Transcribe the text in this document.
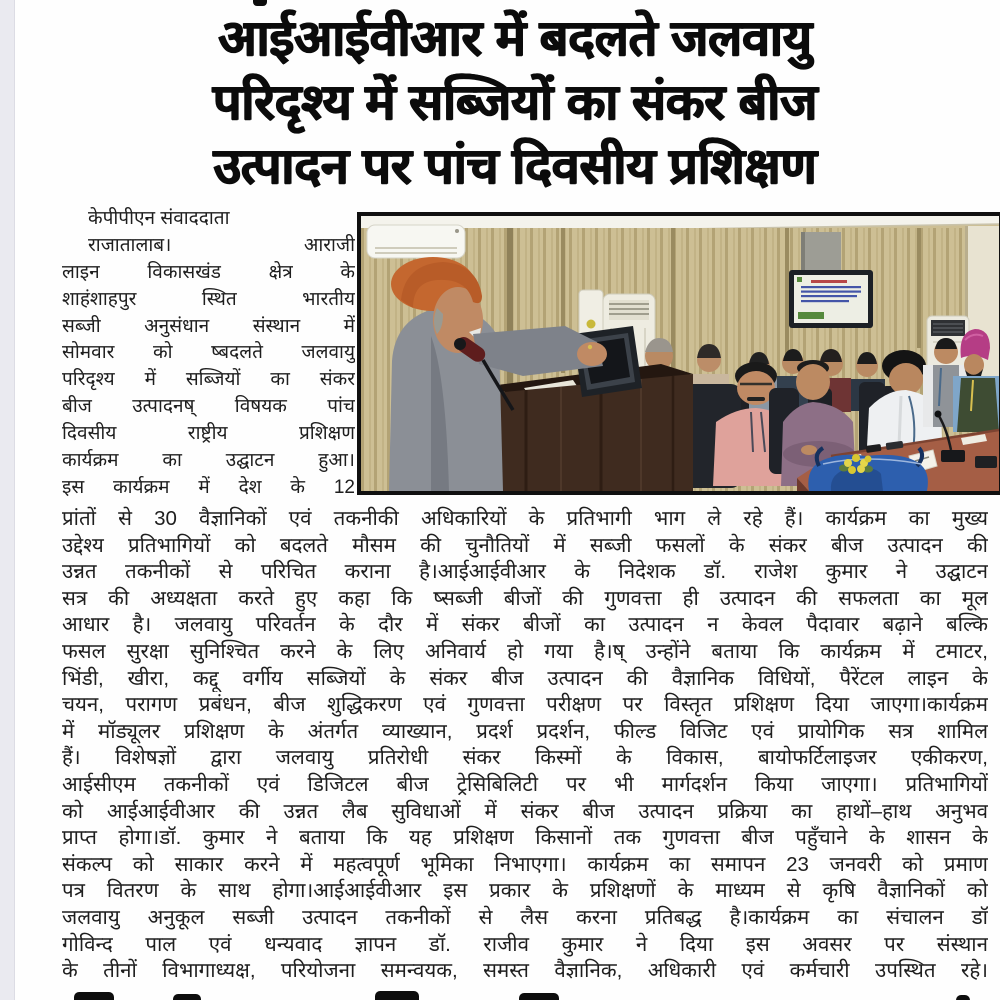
आईआईवीआर में बदलते जलवायु
परिदृश्य में सब्जियों का संकर बीज
उत्पादन पर पांच दिवसीय प्रशिक्षण
केपीपीएन संवाददाता
राजातालाब। आराजी
लाइन विकासखंड क्षेत्र के
शाहंशाहपुर स्थित भारतीय
सब्जी अनुसंधान संस्थान में
सोमवार को ष्बदलते जलवायु
परिदृश्य में सब्जियों का संकर
बीज उत्पादनष् विषयक पांच
दिवसीय राष्ट्रीय प्रशिक्षण
कार्यक्रम का उद्घाटन हुआ।
इस कार्यक्रम में देश के 12
प्रांतों से 30 वैज्ञानिकों एवं तकनीकी अधिकारियों के प्रतिभागी भाग ले रहे हैं। कार्यक्रम का मुख्य
उद्देश्य प्रतिभागियों को बदलते मौसम की चुनौतियों में सब्जी फसलों के संकर बीज उत्पादन की
उन्नत तकनीकों से परिचित कराना है।आईआईवीआर के निदेशक डॉ. राजेश कुमार ने उद्घाटन
सत्र की अध्यक्षता करते हुए कहा कि ष्सब्जी बीजों की गुणवत्ता ही उत्पादन की सफलता का मूल
आधार है। जलवायु परिवर्तन के दौर में संकर बीजों का उत्पादन न केवल पैदावार बढ़ाने बल्कि
फसल सुरक्षा सुनिश्चित करने के लिए अनिवार्य हो गया है।ष् उन्होंने बताया कि कार्यक्रम में टमाटर,
भिंडी, खीरा, कद्दू वर्गीय सब्जियों के संकर बीज उत्पादन की वैज्ञानिक विधियों, पैरेंटल लाइन के
चयन, परागण प्रबंधन, बीज शुद्धिकरण एवं गुणवत्ता परीक्षण पर विस्तृत प्रशिक्षण दिया जाएगा।कार्यक्रम
में मॉड्यूलर प्रशिक्षण के अंतर्गत व्याख्यान, प्रदर्श प्रदर्शन, फील्ड विजिट एवं प्रायोगिक सत्र शामिल
हैं। विशेषज्ञों द्वारा जलवायु प्रतिरोधी संकर किस्मों के विकास, बायोफर्टिलाइजर एकीकरण,
आईसीएम तकनीकों एवं डिजिटल बीज ट्रेसिबिलिटी पर भी मार्गदर्शन किया जाएगा। प्रतिभागियों
को आईआईवीआर की उन्नत लैब सुविधाओं में संकर बीज उत्पादन प्रक्रिया का हाथों–हाथ अनुभव
प्राप्त होगा।डॉ. कुमार ने बताया कि यह प्रशिक्षण किसानों तक गुणवत्ता बीज पहुँचाने के शासन के
संकल्प को साकार करने में महत्वपूर्ण भूमिका निभाएगा। कार्यक्रम का समापन 23 जनवरी को प्रमाण
पत्र वितरण के साथ होगा।आईआईवीआर इस प्रकार के प्रशिक्षणों के माध्यम से कृषि वैज्ञानिकों को
जलवायु अनुकूल सब्जी उत्पादन तकनीकों से लैस करना प्रतिबद्ध है।कार्यक्रम का संचालन डॉ
गोविन्द पाल एवं धन्यवाद ज्ञापन डॉ. राजीव कुमार ने दिया इस अवसर पर संस्थान
के तीनों विभागाध्यक्ष, परियोजना समन्वयक, समस्त वैज्ञानिक, अधिकारी एवं कर्मचारी उपस्थित रहे।
